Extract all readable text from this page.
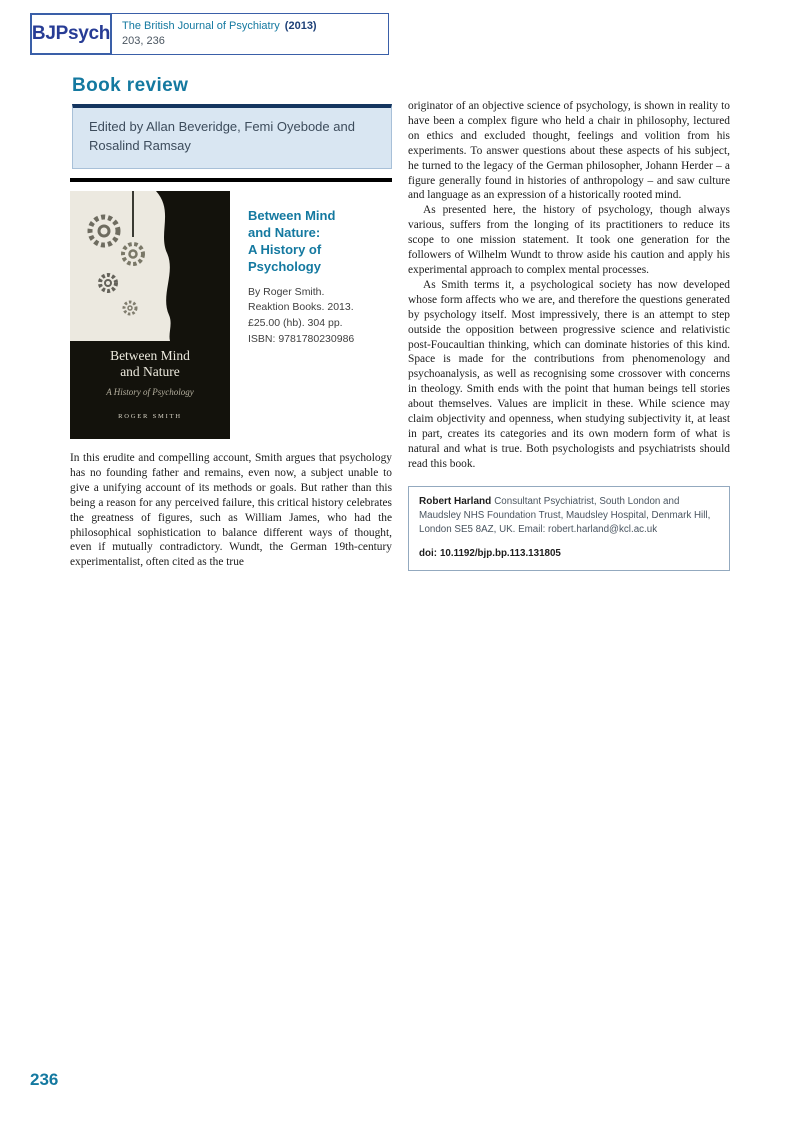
BJPsych The British Journal of Psychiatry (2013)
203, 236
Book review
Edited by Allan Beveridge, Femi Oyebode and Rosalind Ramsay
Between Mind
and Nature
A History of Psychology
ROGER SMITH
Between Mind
and Nature:
A History of Psychology
By Roger Smith.
Reaktion Books. 2013.
£25.00 (hb). 304 pp.
ISBN: 9781780230986

In this erudite and compelling account, Smith argues that psychology has no founding father and remains, even now, a subject unable to give a unifying account of its methods or goals. But rather than this being a reason for any perceived failure, this critical history celebrates the greatness of figures, such as William James, who had the philosophical sophistication to balance different ways of thought, even if mutually contradictory. Wundt, the German 19th-century experimentalist, often cited as the true

originator of an objective science of psychology, is shown in reality to have been a complex figure who held a chair in philosophy, lectured on ethics and excluded thought, feelings and volition from his experiments. To answer questions about these aspects of his subject, he turned to the legacy of the German philosopher, Johann Herder – a figure generally found in histories of anthropology – and saw culture and language as an expression of a historically rooted mind.

As presented here, the history of psychology, though always various, suffers from the longing of its practitioners to reduce its scope to one mission statement. It took one generation for the followers of Wilhelm Wundt to throw aside his caution and apply his experimental approach to complex mental processes.

As Smith terms it, a psychological society has now developed whose form affects who we are, and therefore the questions generated by psychology itself. Most impressively, there is an attempt to step outside the opposition between progressive science and relativistic post-Foucaultian thinking, which can dominate histories of this kind. Space is made for the contributions from phenomenology and psychoanalysis, as well as recognising some crossover with concerns in theology. Smith ends with the point that human beings tell stories about themselves. Values are implicit in these. While science may claim objectivity and openness, when studying subjectivity it, at least in part, creates its categories and its own modern form of what is natural and what is true. Both psychologists and psychiatrists should read this book.

Robert Harland Consultant Psychiatrist, South London and Maudsley NHS Foundation Trust, Maudsley Hospital, Denmark Hill, London SE5 8AZ, UK. Email: robert.harland@kcl.ac.uk
doi: 10.1192/bjp.bp.113.131805
236
